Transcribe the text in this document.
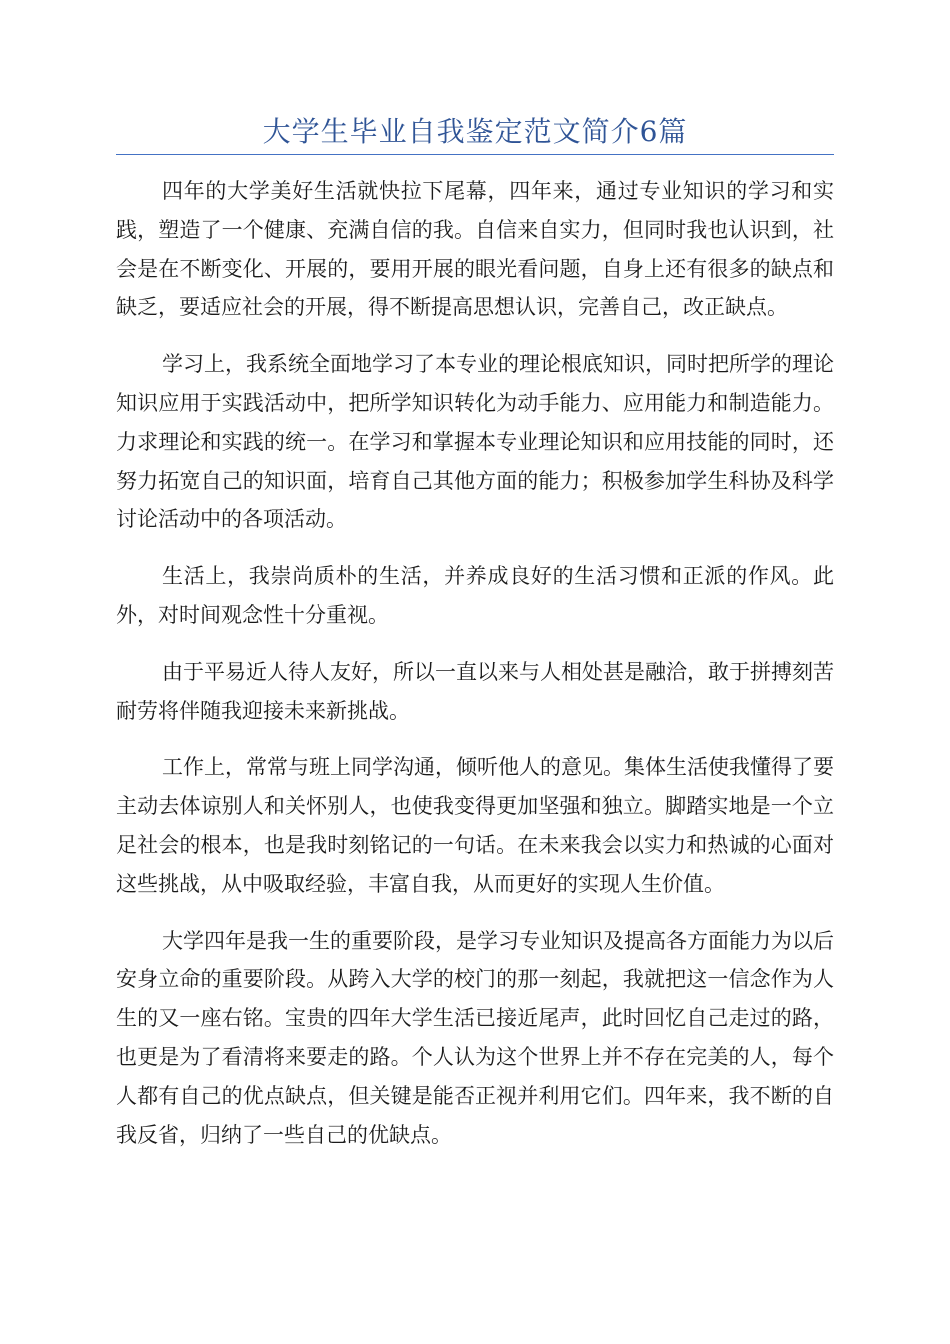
大学生毕业自我鉴定范文简介6篇

四年的大学美好生活就快拉下尾幕，四年来，通过专业知识的学习和实践，塑造了一个健康、充满自信的我。自信来自实力，但同时我也认识到，社会是在不断变化、开展的，要用开展的眼光看问题，自身上还有很多的缺点和缺乏，要适应社会的开展，得不断提高思想认识，完善自己，改正缺点。

学习上，我系统全面地学习了本专业的理论根底知识，同时把所学的理论知识应用于实践活动中，把所学知识转化为动手能力、应用能力和制造能力。力求理论和实践的统一。在学习和掌握本专业理论知识和应用技能的同时，还努力拓宽自己的知识面，培育自己其他方面的能力；积极参加学生科协及科学讨论活动中的各项活动。

生活上，我崇尚质朴的生活，并养成良好的生活习惯和正派的作风。此外，对时间观念性十分重视。

由于平易近人待人友好，所以一直以来与人相处甚是融洽，敢于拼搏刻苦耐劳将伴随我迎接未来新挑战。

工作上，常常与班上同学沟通，倾听他人的意见。集体生活使我懂得了要主动去体谅别人和关怀别人，也使我变得更加坚强和独立。脚踏实地是一个立足社会的根本，也是我时刻铭记的一句话。在未来我会以实力和热诚的心面对这些挑战，从中吸取经验，丰富自我，从而更好的实现人生价值。

大学四年是我一生的重要阶段，是学习专业知识及提高各方面能力为以后安身立命的重要阶段。从跨入大学的校门的那一刻起，我就把这一信念作为人生的又一座右铭。宝贵的四年大学生活已接近尾声，此时回忆自己走过的路，也更是为了看清将来要走的路。个人认为这个世界上并不存在完美的人，每个人都有自己的优点缺点，但关键是能否正视并利用它们。四年来，我不断的自我反省，归纳了一些自己的优缺点。
